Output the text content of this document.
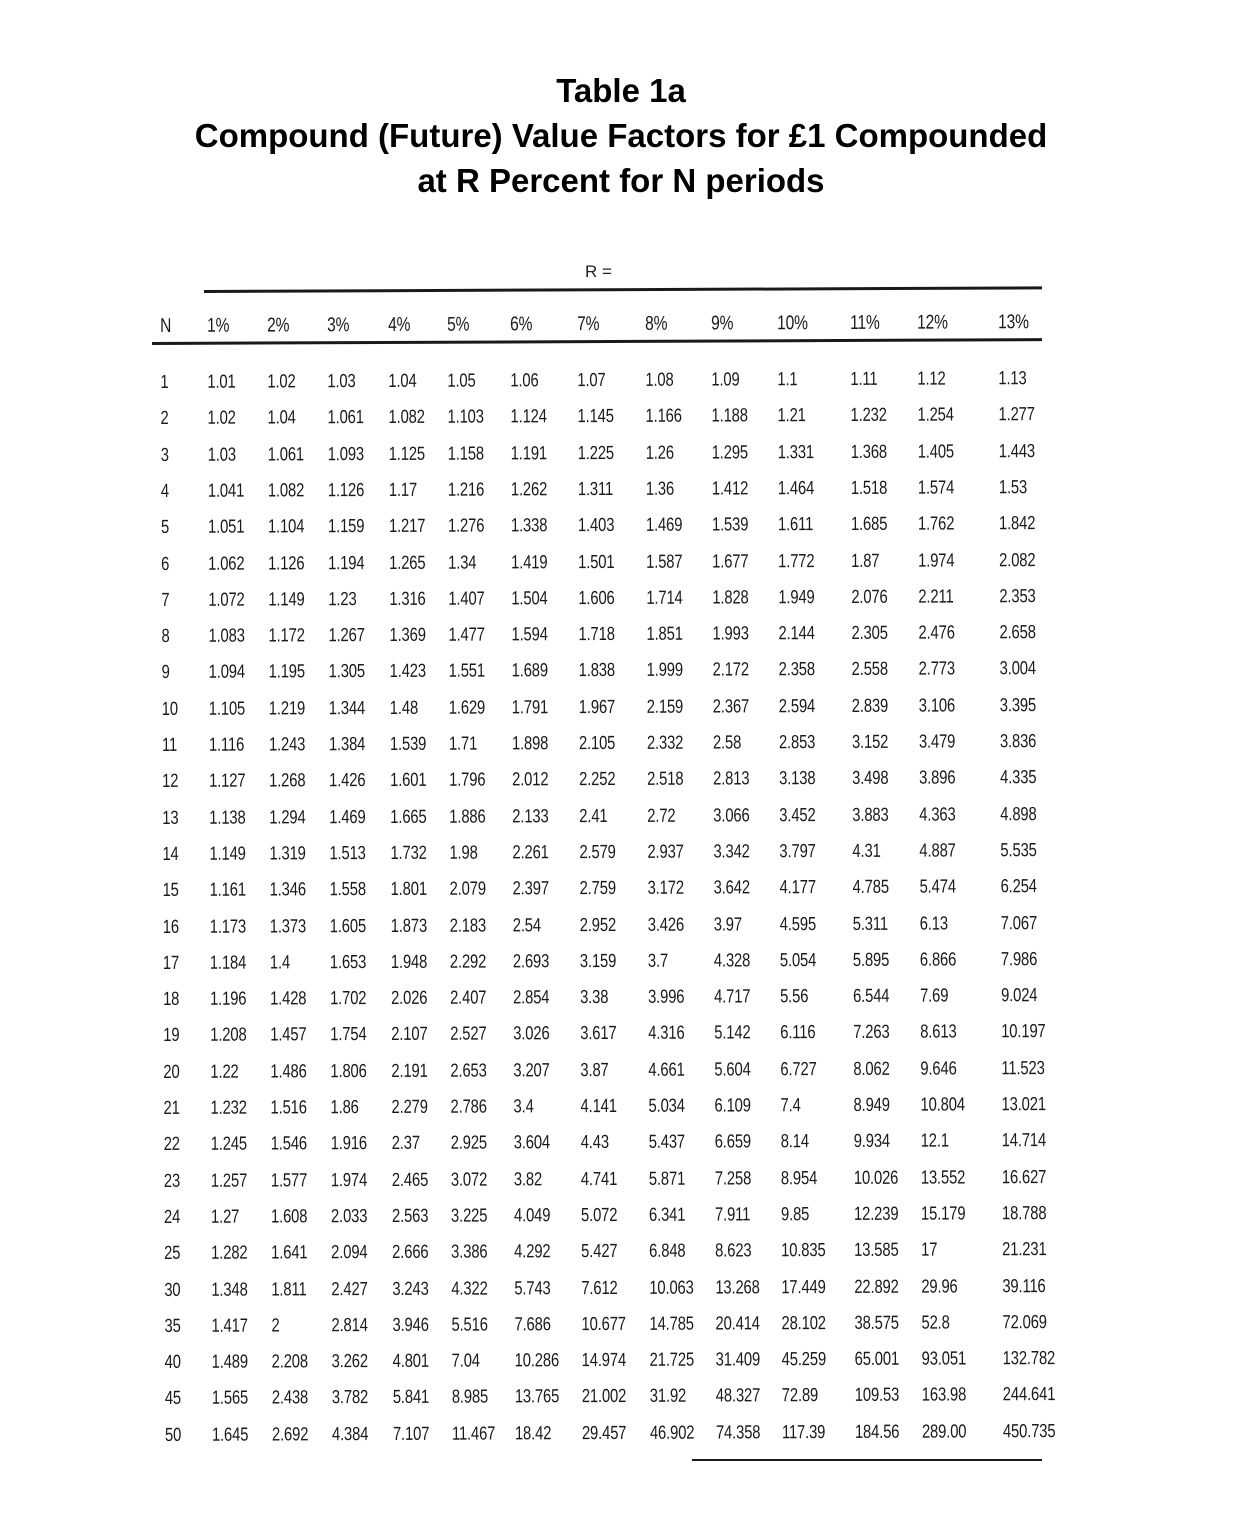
Table 1a
Compound (Future) Value Factors for £1 Compounded
at R Percent for N periods
R =
N 1% 2% 3% 4% 5% 6% 7% 8% 9% 10% 11% 12%	13%
1 1.01 1.02 1.03 1.04 1.05 1.06 1.07 1.08 1.09 1.1	1.11 1.12	1.13
2 1.02 1.04 1.061 1.082 1.103 1.124 1.145 1.166 1.188 1.21 1.232 1.254 1.277
3 1.03 1.061 1.093 1.125 1.158 1.191 1.225 1.26 1.295 1.331 1.368 1.405 1.443
4 1.041 1.082 1.126 1.17 1.216 1.262 1.311 1.36 1.412 1.464 1.518 1.574 1.53
5 1.051 1.104 1.159 1.217 1.276 1.338 1.403 1.469 1.539 1.611 1.685 1.762 1.842
6 1.062 1.126 1.194 1.265 1.34 1.419 1.501 1.587 1.677 1.772 1.87 1.974 2.082
7 1.072 1.149 1.23 1.316 1.407 1.504 1.606 1.714 1.828 1.949 2.076 2.211 2.353
8 1.083 1.172 1.267 1.369 1.477 1.594 1.718 1.851 1.993 2.144 2.305 2.476 2.658
9 1.094 1.195 1.305 1.423 1.551 1.689 1.838 1.999 2.172 2.358 2.558 2.773 3.004
10 1.105 1.219 1.344 1.48 1.629 1.791 1.967 2.159 2.367 2.594 2.839 3.106 3.395
11 1.116 1.243 1.384 1.539 1.71 1.898 2.105 2.332 2.58 2.853 3.152 3.479 3.836
12 1.127 1.268 1.426 1.601 1.796 2.012 2.252 2.518 2.813 3.138 3.498 3.896 4.335
13 1.138 1.294 1.469 1.665 1.886 2.133 2.41 2.72 3.066 3.452 3.883 4.363 4.898
14 1.149 1.319 1.513 1.732 1.98 2.261 2.579 2.937 3.342 3.797 4.31 4.887 5.535
15 1.161 1.346 1.558 1.801 2.079 2.397 2.759 3.172 3.642 4.177 4.785 5.474 6.254
16 1.173 1.373 1.605 1.873 2.183 2.54 2.952 3.426 3.97 4.595 5.311 6.13	7.067
17 1.184 1.4 1.653 1.948 2.292 2.693 3.159 3.7 4.328 5.054 5.895 6.866 7.986
18 1.196 1.428 1.702 2.026 2.407 2.854 3.38 3.996 4.717 5.56 6.544 7.69	9.024
19 1.208 1.457 1.754 2.107 2.527 3.026 3.617 4.316 5.142 6.116 7.263 8.613 10.197
20 1.22 1.486 1.806 2.191 2.653 3.207 3.87 4.661 5.604 6.727 8.062 9.646 11.523
21 1.232 1.516 1.86 2.279 2.786 3.4 4.141 5.034 6.109 7.4	8.949 10.804 13.021
22 1.245 1.546 1.916 2.37 2.925 3.604 4.43 5.437 6.659 8.14 9.934 12.1	14.714
23 1.257 1.577 1.974 2.465 3.072 3.82 4.741 5.871 7.258 8.954 10.026 13.552 16.627
24 1.27 1.608 2.033 2.563 3.225 4.049 5.072 6.341 7.911 9.85 12.239 15.179 18.788
25 1.282 1.641 2.094 2.666 3.386 4.292 5.427 6.848 8.623 10.835 13.585 17	21.231
30 1.348 1.811 2.427 3.243 4.322 5.743 7.612 10.063 13.268 17.449 22.892 29.96 39.116
35 1.417 2	2.814 3.946 5.516 7.686 10.677 14.785 20.414 28.102 38.575 52.8	72.069
40 1.489 2.208 3.262 4.801 7.04 10.286 14.974 21.725 31.409 45.259 65.001 93.051 132.782
45 1.565 2.438 3.782 5.841 8.985 13.765 21.002 31.92 48.327 72.89 109.53 163.98 244.641
50 1.645 2.692 4.384 7.107 11.467 18.42 29.457 46.902 74.358 117.39 184.56 289.00 450.735
